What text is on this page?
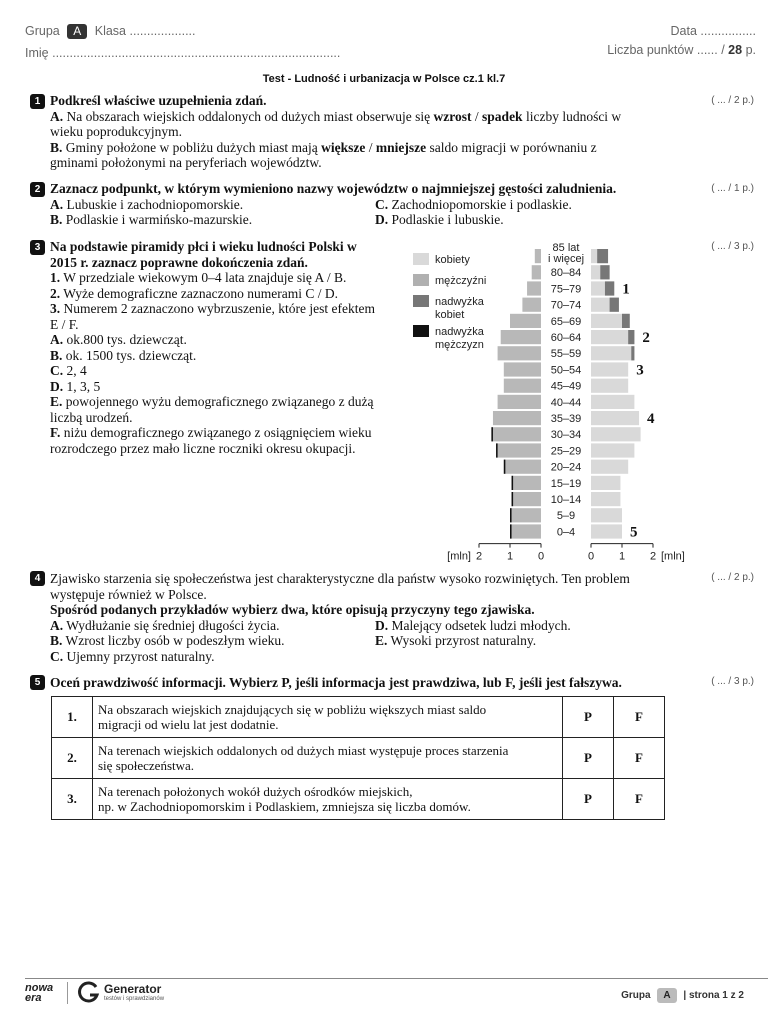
Grupa A Klasa ...................
Imię ...................................................................................
Data ................
Liczba punktów ...... / 28 p.
Test - Ludność i urbanizacja w Polsce cz.1 kl.7
1	( ... / 2 p.)
Podkreśl właściwe uzupełnienia zdań.
A. Na obszarach wiejskich oddalonych od dużych miast obserwuje się wzrost / spadek liczby ludności w
wieku poprodukcyjnym.
B. Gminy położone w pobliżu dużych miast mają większe / mniejsze saldo migracji w porównaniu z
gminami położonymi na peryferiach województw.
2	( ... / 1 p.)
Zaznacz podpunkt, w którym wymieniono nazwy województw o najmniejszej gęstości zaludnienia.
A. Lubuskie i zachodniopomorskie.
B. Podlaskie i warmińsko-mazurskie.
C. Zachodniopomorskie i podlaskie.
D. Podlaskie i lubuskie.
3	( ... / 3 p.)
Na podstawie piramidy płci i wieku ludności Polski w
2015 r. zaznacz poprawne dokończenia zdań.
1. W przedziale wiekowym 0–4 lata znajduje się A / B.
2. Wyże demograficzne zaznaczono numerami C / D.
3. Numerem 2 zaznaczono wybrzuszenie, które jest efektem
E / F.
A. ok.800 tys. dziewcząt.
B. ok. 1500 tys. dziewcząt.
C. 2, 4
D. 1, 3, 5
E. powojennego wyżu demograficznego związanego z dużą
liczbą urodzeń.
F. niżu demograficznego związanego z osiągnięciem wieku
rozrodczego przez mało liczne roczniki okresu okupacji.
kobiety
mężczyźni
nadwyżka
kobiet
nadwyżka
mężczyzn
0–4
5–9
10–14
15–19
20–24
25–29
30–34
35–39
40–44
45–49
50–54
55–59
60–64
65–69
70–74
75–79
80–84
85 lat
i więcej
2 1 0	0 1 2
[mln]	[mln]
1
2
3
4
5
4	( ... / 2 p.)
Zjawisko starzenia się społeczeństwa jest charakterystyczne dla państw wysoko rozwiniętych. Ten problem
występuje również w Polsce.
Spośród podanych przykładów wybierz dwa, które opisują przyczyny tego zjawiska.
A. Wydłużanie się średniej długości życia.
B. Wzrost liczby osób w podeszłym wieku.
C. Ujemny przyrost naturalny.
D. Malejący odsetek ludzi młodych.
E. Wysoki przyrost naturalny.
5	( ... / 3 p.)
Oceń prawdziwość informacji. Wybierz P, jeśli informacja jest prawdziwa, lub F, jeśli jest fałszywa.
1.	Na obszarach wiejskich znajdujących się w pobliżu większych miast saldo
migracji od wielu lat jest dodatnie.	P	F
2.	Na terenach wiejskich oddalonych od dużych miast występuje proces starzenia
się społeczeństwa.	P	F
3.	Na terenach położonych wokół dużych ośrodków miejskich,
np. w Zachodniopomorskim i Podlaskiem, zmniejsza się liczba domów.	P	F
nowa
era
Generator
testów i sprawdzianów	Grupa A | strona 1 z 2
